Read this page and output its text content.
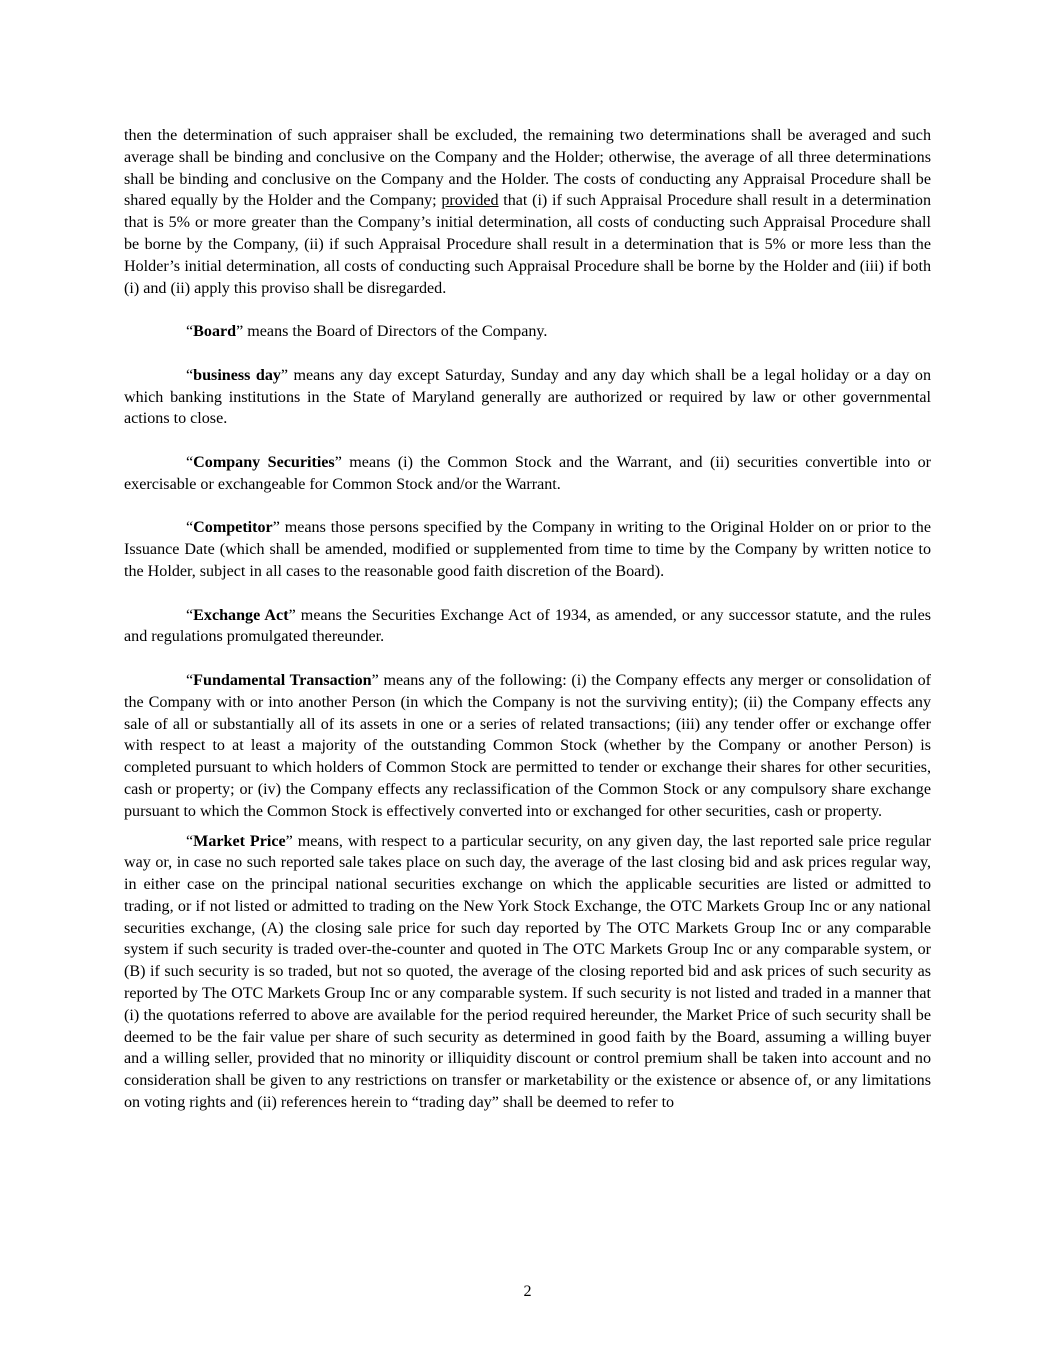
then the determination of such appraiser shall be excluded, the remaining two determinations shall be averaged and such average shall be binding and conclusive on the Company and the Holder; otherwise, the average of all three determinations shall be binding and conclusive on the Company and the Holder. The costs of conducting any Appraisal Procedure shall be shared equally by the Holder and the Company; provided that (i) if such Appraisal Procedure shall result in a determination that is 5% or more greater than the Company’s initial determination, all costs of conducting such Appraisal Procedure shall be borne by the Company, (ii) if such Appraisal Procedure shall result in a determination that is 5% or more less than the Holder’s initial determination, all costs of conducting such Appraisal Procedure shall be borne by the Holder and (iii) if both (i) and (ii) apply this proviso shall be disregarded.

“Board” means the Board of Directors of the Company.

“business day” means any day except Saturday, Sunday and any day which shall be a legal holiday or a day on which banking institutions in the State of Maryland generally are authorized or required by law or other governmental actions to close.

“Company Securities” means (i) the Common Stock and the Warrant, and (ii) securities convertible into or exercisable or exchangeable for Common Stock and/or the Warrant.

“Competitor” means those persons specified by the Company in writing to the Original Holder on or prior to the Issuance Date (which shall be amended, modified or supplemented from time to time by the Company by written notice to the Holder, subject in all cases to the reasonable good faith discretion of the Board).

“Exchange Act” means the Securities Exchange Act of 1934, as amended, or any successor statute, and the rules and regulations promulgated thereunder.

“Fundamental Transaction” means any of the following: (i) the Company effects any merger or consolidation of the Company with or into another Person (in which the Company is not the surviving entity); (ii) the Company effects any sale of all or substantially all of its assets in one or a series of related transactions; (iii) any tender offer or exchange offer with respect to at least a majority of the outstanding Common Stock (whether by the Company or another Person) is completed pursuant to which holders of Common Stock are permitted to tender or exchange their shares for other securities, cash or property; or (iv) the Company effects any reclassification of the Common Stock or any compulsory share exchange pursuant to which the Common Stock is effectively converted into or exchanged for other securities, cash or property.

“Market Price” means, with respect to a particular security, on any given day, the last reported sale price regular way or, in case no such reported sale takes place on such day, the average of the last closing bid and ask prices regular way, in either case on the principal national securities exchange on which the applicable securities are listed or admitted to trading, or if not listed or admitted to trading on the New York Stock Exchange, the OTC Markets Group Inc or any national securities exchange, (A) the closing sale price for such day reported by The OTC Markets Group Inc or any comparable system if such security is traded over-the-counter and quoted in The OTC Markets Group Inc or any comparable system, or (B) if such security is so traded, but not so quoted, the average of the closing reported bid and ask prices of such security as reported by The OTC Markets Group Inc or any comparable system. If such security is not listed and traded in a manner that (i) the quotations referred to above are available for the period required hereunder, the Market Price of such security shall be deemed to be the fair value per share of such security as determined in good faith by the Board, assuming a willing buyer and a willing seller, provided that no minority or illiquidity discount or control premium shall be taken into account and no consideration shall be given to any restrictions on transfer or marketability or the existence or absence of, or any limitations on voting rights and (ii) references herein to “trading day” shall be deemed to refer to

2
